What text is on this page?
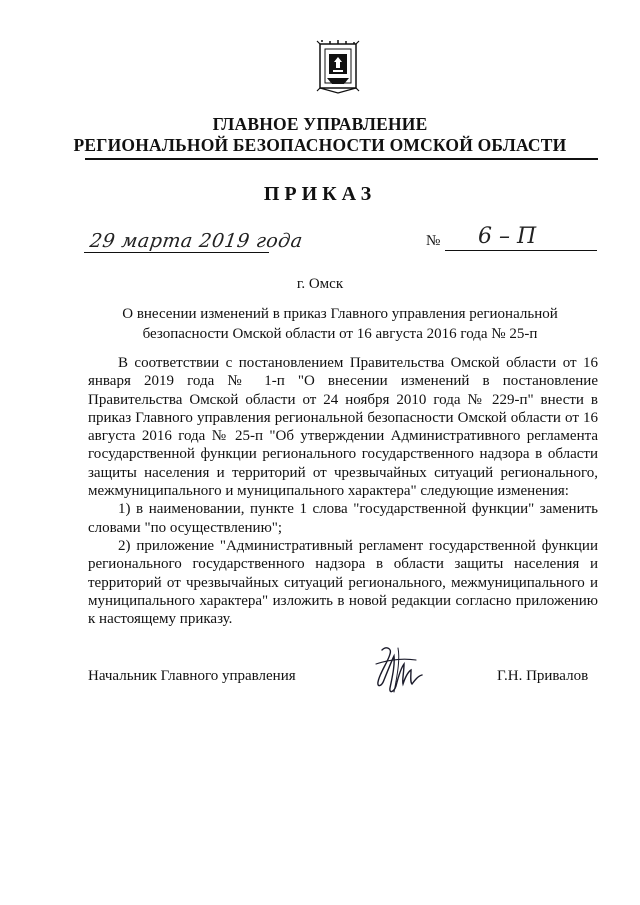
ГЛАВНОЕ УПРАВЛЕНИЕ
РЕГИОНАЛЬНОЙ БЕЗОПАСНОСТИ ОМСКОЙ ОБЛАСТИ
ПРИКАЗ
29 марта 2019 года	№ 6 – П
г. Омск
О внесении изменений в приказ Главного управления региональной безопасности Омской области от 16 августа 2016 года № 25-п

В соответствии с постановлением Правительства Омской области от 16 января 2019 года № 1-п "О внесении изменений в постановление Правительства Омской области от 24 ноября 2010 года № 229-п" внести в приказ Главного управления региональной безопасности Омской области от 16 августа 2016 года № 25-п "Об утверждении Административного регламента государственной функции регионального государственного надзора в области защиты населения и территорий от чрезвычайных ситуаций регионального, межмуниципального и муниципального характера" следующие изменения:

1) в наименовании, пункте 1 слова "государственной функции" заменить словами "по осуществлению";

2) приложение "Административный регламент государственной функции регионального государственного надзора в области защиты населения и территорий от чрезвычайных ситуаций регионального, межмуниципального и муниципального характера" изложить в новой редакции согласно приложению к настоящему приказу.

Начальник Главного управления	Г.Н. Привалов
